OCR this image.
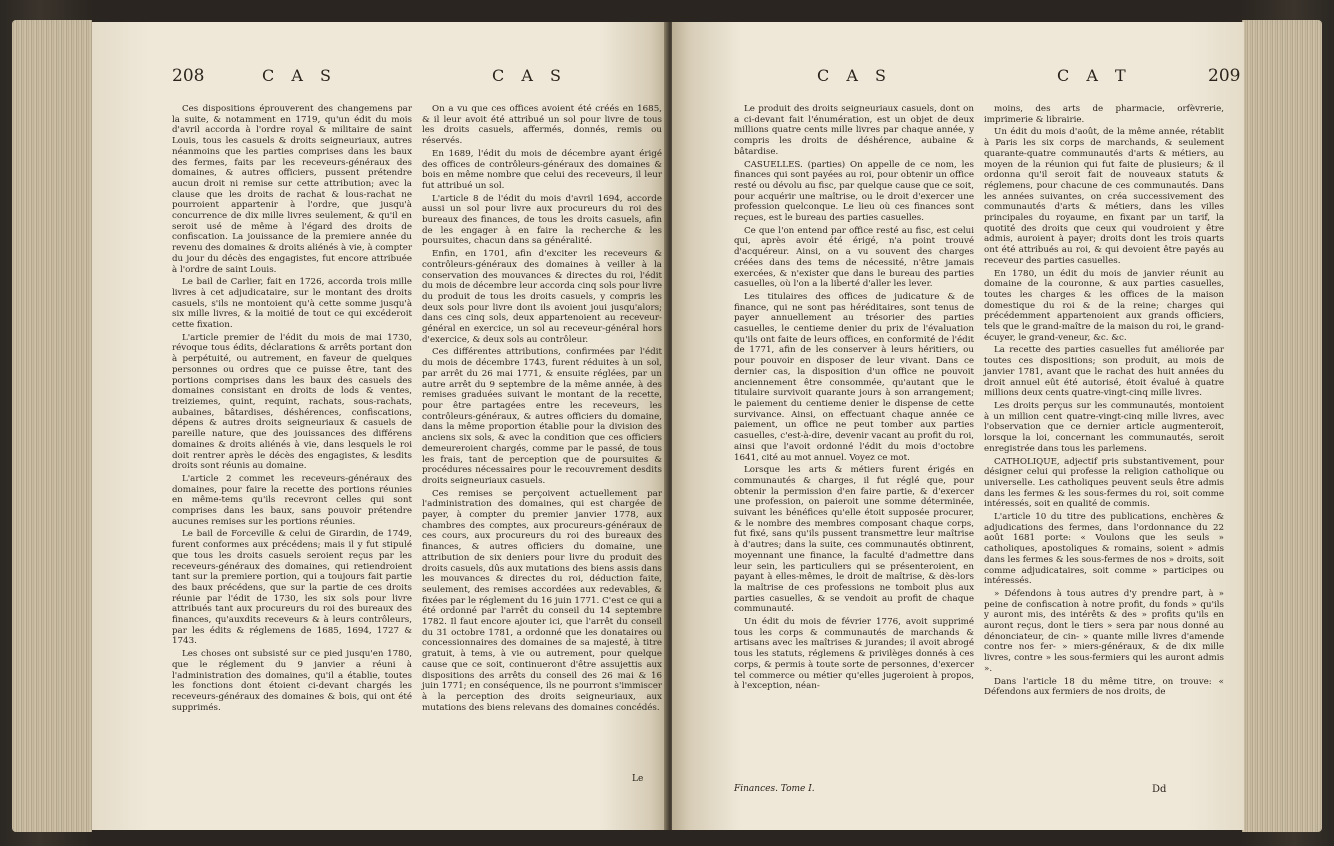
208	C A S	C A S

Ces dispositions éprouverent des changemens par la suite, & notamment en 1719, qu'un édit du mois d'avril accorda à l'ordre royal & militaire de saint Louis, tous les casuels & droits seigneuriaux, autres néanmoins que les parties comprises dans les baux des fermes, faits par les receveurs-généraux des domaines, & autres officiers, pussent prétendre aucun droit ni remise sur cette attribution; avec la clause que les droits de rachat & lous-rachat ne pourroient appartenir à l'ordre, que jusqu'à concurrence de dix mille livres seulement, & qu'il en seroit usé de même à l'égard des droits de confiscation. La jouissance de la premiere année du revenu des domaines & droits aliénés à vie, à compter du jour du décès des engagistes, fut encore attribuée à l'ordre de saint Louis.

Le bail de Carlier, fait en 1726, accorda trois mille livres à cet adjudicataire, sur le montant des droits casuels, s'ils ne montoient qu'à cette somme jusqu'à six mille livres, & la moitié de tout ce qui excéderoit cette fixation.

L'article premier de l'édit du mois de mai 1730, révoque tous édits, déclarations & arrêts portant don à perpétuité, ou autrement, en faveur de quelques personnes ou ordres que ce puisse être, tant des portions comprises dans les baux des casuels des domaines consistant en droits de lods & ventes, treiziemes, quint, requint, rachats, sous-rachats, aubaines, bâtardises, déshérences, confiscations, dépens & autres droits seigneuriaux & casuels de pareille nature, que des jouissances des différens domaines & droits aliénés à vie, dans lesquels le roi doit rentrer après le décès des engagistes, & lesdits droits sont réunis au domaine.

L'article 2 commet les receveurs-généraux des domaines, pour faire la recette des portions réunies en même-tems qu'ils recevront celles qui sont comprises dans les baux, sans pouvoir prétendre aucunes remises sur les portions réunies.

Le bail de Forceville & celui de Girardin, de 1749, furent conformes aux précédens; mais il y fut stipulé que tous les droits casuels seroient reçus par les receveurs-généraux des domaines, qui retiendroient tant sur la premiere portion, qui a toujours fait partie des baux précédens, que sur la partie de ces droits réunie par l'édit de 1730, les six sols pour livre attribués tant aux procureurs du roi des bureaux des finances, qu'auxdits receveurs & à leurs contrôleurs, par les édits & réglemens de 1685, 1694, 1727 & 1743.

Les choses ont subsisté sur ce pied jusqu'en 1780, que le réglement du 9 janvier a réuni à l'administration des domaines, qu'il a établie, toutes les fonctions dont étoient ci-devant chargés les receveurs-généraux des domaines & bois, qui ont été supprimés.

On a vu que ces offices avoient été créés en 1685, & il leur avoit été attribué un sol pour livre de tous les droits casuels, affermés, donnés, remis ou réservés.

En 1689, l'édit du mois de décembre ayant érigé des offices de contrôleurs-généraux des domaines & bois en même nombre que celui des receveurs, il leur fut attribué un sol.

L'article 8 de l'édit du mois d'avril 1694, accorde aussi un sol pour livre aux procureurs du roi des bureaux des finances, de tous les droits casuels, afin de les engager à en faire la recherche & les poursuites, chacun dans sa généralité.

Enfin, en 1701, afin d'exciter les receveurs & contrôleurs-généraux des domaines à veiller à la conservation des mouvances & directes du roi, l'édit du mois de décembre leur accorda cinq sols pour livre du produit de tous les droits casuels, y compris les deux sols pour livre dont ils avoient joui jusqu'alors; dans ces cinq sols, deux appartenoient au receveur-général en exercice, un sol au receveur-général hors d'exercice, & deux sols au contrôleur.

Ces différentes attributions, confirmées par l'édit du mois de décembre 1743, furent réduites à un sol, par arrêt du 26 mai 1771, & ensuite réglées, par un autre arrêt du 9 septembre de la même année, à des remises graduées suivant le montant de la recette, pour être partagées entre les receveurs, les contrôleurs-généraux, & autres officiers du domaine, dans la même proportion établie pour la division des anciens six sols, & avec la condition que ces officiers demeureroient chargés, comme par le passé, de tous les frais, tant de perception que de poursuites & procédures nécessaires pour le recouvrement desdits droits seigneuriaux casuels.

Ces remises se perçoivent actuellement par l'administration des domaines, qui est chargée de payer, à compter du premier janvier 1778, aux chambres des comptes, aux procureurs-généraux de ces cours, aux procureurs du roi des bureaux des finances, & autres officiers du domaine, une attribution de six deniers pour livre du produit des droits casuels, dûs aux mutations des biens assis dans les mouvances & directes du roi, déduction faite, seulement, des remises accordées aux redevables, & fixées par le réglement du 16 juin 1771. C'est ce qui a été ordonné par l'arrêt du conseil du 14 septembre 1782. Il faut encore ajouter ici, que l'arrêt du conseil du 31 octobre 1781, a ordonné que les donataires ou concessionnaires des domaines de sa majesté, à titre gratuit, à tems, à vie ou autrement, pour quelque cause que ce soit, continueront d'être assujettis aux dispositions des arrêts du conseil des 26 mai & 16 juin 1771; en conséquence, ils ne pourront s'immiscer à la perception des droits seigneuriaux, aux mutations des biens relevans des domaines concédés.

Le
C A S	C A T	209

Le produit des droits seigneuriaux casuels, dont on a ci-devant fait l'énumération, est un objet de deux millions quatre cents mille livres par chaque année, y compris les droits de déshérence, aubaine & bâtardise.

CASUELLES. (parties) On appelle de ce nom, les finances qui sont payées au roi, pour obtenir un office resté ou dévolu au fisc, par quelque cause que ce soit, pour acquérir une maîtrise, ou le droit d'exercer une profession quelconque. Le lieu où ces finances sont reçues, est le bureau des parties casuelles.

Ce que l'on entend par office resté au fisc, est celui qui, après avoir été érigé, n'a point trouvé d'acquéreur. Ainsi, on a vu souvent des charges créées dans des tems de nécessité, n'être jamais exercées, & n'exister que dans le bureau des parties casuelles, où l'on a la liberté d'aller les lever.

Les titulaires des offices de judicature & de finance, qui ne sont pas héréditaires, sont tenus de payer annuellement au trésorier des parties casuelles, le centieme denier du prix de l'évaluation qu'ils ont faite de leurs offices, en conformité de l'édit de 1771, afin de les conserver à leurs héritiers, ou pour pouvoir en disposer de leur vivant. Dans ce dernier cas, la disposition d'un office ne pouvoit anciennement être consommée, qu'autant que le titulaire survivoit quarante jours à son arrangement; le paiement du centieme denier le dispense de cette survivance. Ainsi, on effectuant chaque année ce paiement, un office ne peut tomber aux parties casuelles, c'est-à-dire, devenir vacant au profit du roi, ainsi que l'avoit ordonné l'édit du mois d'octobre 1641, cité au mot annuel. Voyez ce mot.

Lorsque les arts & métiers furent érigés en communautés & charges, il fut réglé que, pour obtenir la permission d'en faire partie, & d'exercer une profession, on paieroit une somme déterminée, suivant les bénéfices qu'elle étoit supposée procurer, & le nombre des membres composant chaque corps, fut fixé, sans qu'ils pussent transmettre leur maîtrise à d'autres; dans la suite, ces communautés obtinrent, moyennant une finance, la faculté d'admettre dans leur sein, les particuliers qui se présenteroient, en payant à elles-mêmes, le droit de maîtrise, & dès-lors la maîtrise de ces professions ne tomboit plus aux parties casuelles, & se vendoit au profit de chaque communauté.

Un édit du mois de février 1776, avoit supprimé tous les corps & communautés de marchands & artisans avec les maîtrises & jurandes; il avoit abrogé tous les statuts, réglemens & privilèges donnés à ces corps, & permis à toute sorte de personnes, d'exercer tel commerce ou métier qu'elles jugeroient à propos, à l'exception, néan-

moins, des arts de pharmacie, orfèvrerie, imprimerie & librairie.

Un édit du mois d'août, de la même année, rétablit à Paris les six corps de marchands, & seulement quarante-quatre communautés d'arts & métiers, au moyen de la réunion qui fut faite de plusieurs; & il ordonna qu'il seroit fait de nouveaux statuts & réglemens, pour chacune de ces communautés. Dans les années suivantes, on créa successivement des communautés d'arts & métiers, dans les villes principales du royaume, en fixant par un tarif, la quotité des droits que ceux qui voudroient y être admis, auroient à payer; droits dont les trois quarts ont été attribués au roi, & qui devoient être payés au receveur des parties casuelles.

En 1780, un édit du mois de janvier réunit au domaine de la couronne, & aux parties casuelles, toutes les charges & les offices de la maison domestique du roi & de la reine; charges qui précédemment appartenoient aux grands officiers, tels que le grand-maître de la maison du roi, le grand-écuyer, le grand-veneur, &c. &c.

La recette des parties casuelles fut améliorée par toutes ces dispositions; son produit, au mois de janvier 1781, avant que le rachat des huit années du droit annuel eût été autorisé, étoit évalué à quatre millions deux cents quatre-vingt-cinq mille livres.

Les droits perçus sur les communautés, montoient à un million cent quatre-vingt-cinq mille livres, avec l'observation que ce dernier article augmenteroit, lorsque la loi, concernant les communautés, seroit enregistrée dans tous les parlemens.

CATHOLIQUE, adjectif pris substantivement, pour désigner celui qui professe la religion catholique ou universelle. Les catholiques peuvent seuls être admis dans les fermes & les sous-fermes du roi, soit comme intéressés, soit en qualité de commis.

L'article 10 du titre des publications, enchères & adjudications des fermes, dans l'ordonnance du 22 août 1681 porte: « Voulons que les seuls » catholiques, apostoliques & romains, soient » admis dans les fermes & les sous-fermes de nos » droits, soit comme adjudicataires, soit comme » participes ou intéressés.

» Défendons à tous autres d'y prendre part, à » peine de confiscation à notre profit, du fonds » qu'ils y auront mis, des intérêts & des » profits qu'ils en auront reçus, dont le tiers » sera par nous donné au dénonciateur, de cin- » quante mille livres d'amende contre nos fer- » miers-généraux, & de dix mille livres, contre » les sous-fermiers qui les auront admis ».

Dans l'article 18 du même titre, on trouve: « Défendons aux fermiers de nos droits, de

Finances. Tome I.	Dd
